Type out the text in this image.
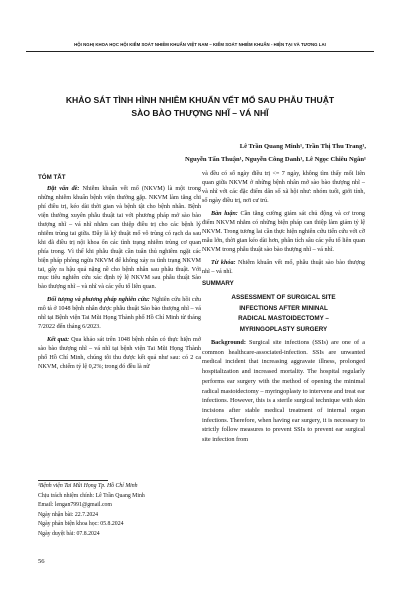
HỘI NGHỊ KHOA HỌC HỘI KIỂM SOÁT NHIỄM KHUẨN VIỆT NAM – KIỂM SOÁT NHIỄM KHUẨN - HIỆN TẠI VÀ TƯƠNG LAI
KHẢO SÁT TÌNH HÌNH NHIỄM KHUẨN VẾT MỔ SAU PHẪU THUẬT
SÀO BÀO THƯỢNG NHĨ – VÁ NHĨ
Lê Trần Quang Minh¹, Trần Thị Thu Trang¹,
Nguyễn Tấn Thuận¹, Nguyễn Công Danh¹, Lê Ngọc Chiêu Ngân¹
TÓM TẮT

Đặt vấn đề: Nhiễm khuẩn vết mổ (NKVM) là một trong những nhiễm khuẩn bệnh viện thường gặp. NKVM làm tăng chi phí điều trị, kéo dài thời gian và bệnh tật cho bệnh nhân. Bệnh viện thường xuyên phẫu thuật tai với phương pháp mở sào bào thượng nhĩ – vá nhĩ nhằm can thiệp điều trị cho các bệnh lý nhiễm trùng tai giữa. Đây là kỹ thuật mổ vô trùng có rạch da sau khi đã điều trị nội khoa ổn các tình trạng nhiễm trùng cơ quan phía trong. Vì thế khi phẫu thuật cần tuân thủ nghiêm ngặt các biện pháp phòng ngừa NKVM để không xảy ra tình trạng NKVM tai, gây ra hậu quả nặng nề cho bệnh nhân sau phẫu thuật. Với mục tiêu nghiên cứu xác định tỷ lệ NKVM sau phẫu thuật Sào bào thượng nhĩ – và nhĩ và các yếu tố liên quan.

Đối tượng và phương pháp nghiên cứu: Nghiên cứu hồi cứu mô tả ở 1048 bệnh nhân được phẫu thuật Sào bào thượng nhĩ – vá nhĩ tại Bệnh viện Tai Mũi Họng Thành phố Hồ Chí Minh từ tháng 7/2022 đến tháng 6/2023.

Kết quả: Qua khảo sát trên 1048 bệnh nhân có thực hiện mở sào bào thượng nhĩ – vá nhĩ tại bệnh viện Tai Mũi Họng Thành phố Hồ Chí Minh, chúng tôi thu được kết quả như sau: có 2 ca NKVM, chiếm tỷ lệ 0,2%; trong đó đều là nữ

và đều có số ngày điều trị <= 7 ngày, không tìm thấy mối liên quan giữa NKVM ở những bệnh nhân mở sào bào thượng nhĩ – và nhĩ với các đặc điểm dân số xã hội như: nhóm tuổi, giới tính, số ngày điều trị, nơi cư trú.

Bàn luận: Cần tăng cường giám sát chủ động và cơ trong điểm NKVM nhằm có những biện pháp can thiệp làm giảm tỷ lệ NKVM. Trong tương lai cần thực hiện nghiên cứu tiến cứu với cỡ mẫu lớn, thời gian kéo dài hơn, phân tích sâu các yếu tố liên quan NKVM trong phẫu thuật sào bào thượng nhĩ – vá nhĩ.

Từ khóa: Nhiễm khuẩn vết mổ, phẫu thuật sào bào thượng nhĩ – vá nhĩ.

SUMMARY
ASSESSMENT OF SURGICAL SITE
INFECTIONS AFTER MININAL
RADICAL MASTOIDECTOMY –
MYRINGOPLASTY SURGERY

Background: Surgical site infections (SSIs) are one of a common healthcare-associated-infection. SSIs are unwanted medical incident that increasing aggravate illness, prolonged hospitalization and increased mortality. The hospital regularly performs ear surgery with the method of opening the minimal radical mastoidectomy – myringoplasty to intervene and treat ear infections. However, this is a sterile surgical technique with skin incisions after stable medical treatment of internal organ infections. Therefore, when having ear surgery, it is necessary to strictly follow measures to prevent SSIs to prevent ear surgical site infection from

¹Bệnh viện Tai Mũi Họng Tp. Hồ Chí Minh
Chịu trách nhiệm chính: Lê Trần Quang Minh
Email: lengan7991@gmail.com
Ngày nhận bài: 22.7.2024
Ngày phản biện khoa học: 05.8.2024
Ngày duyệt bài: 07.8.2024
56
